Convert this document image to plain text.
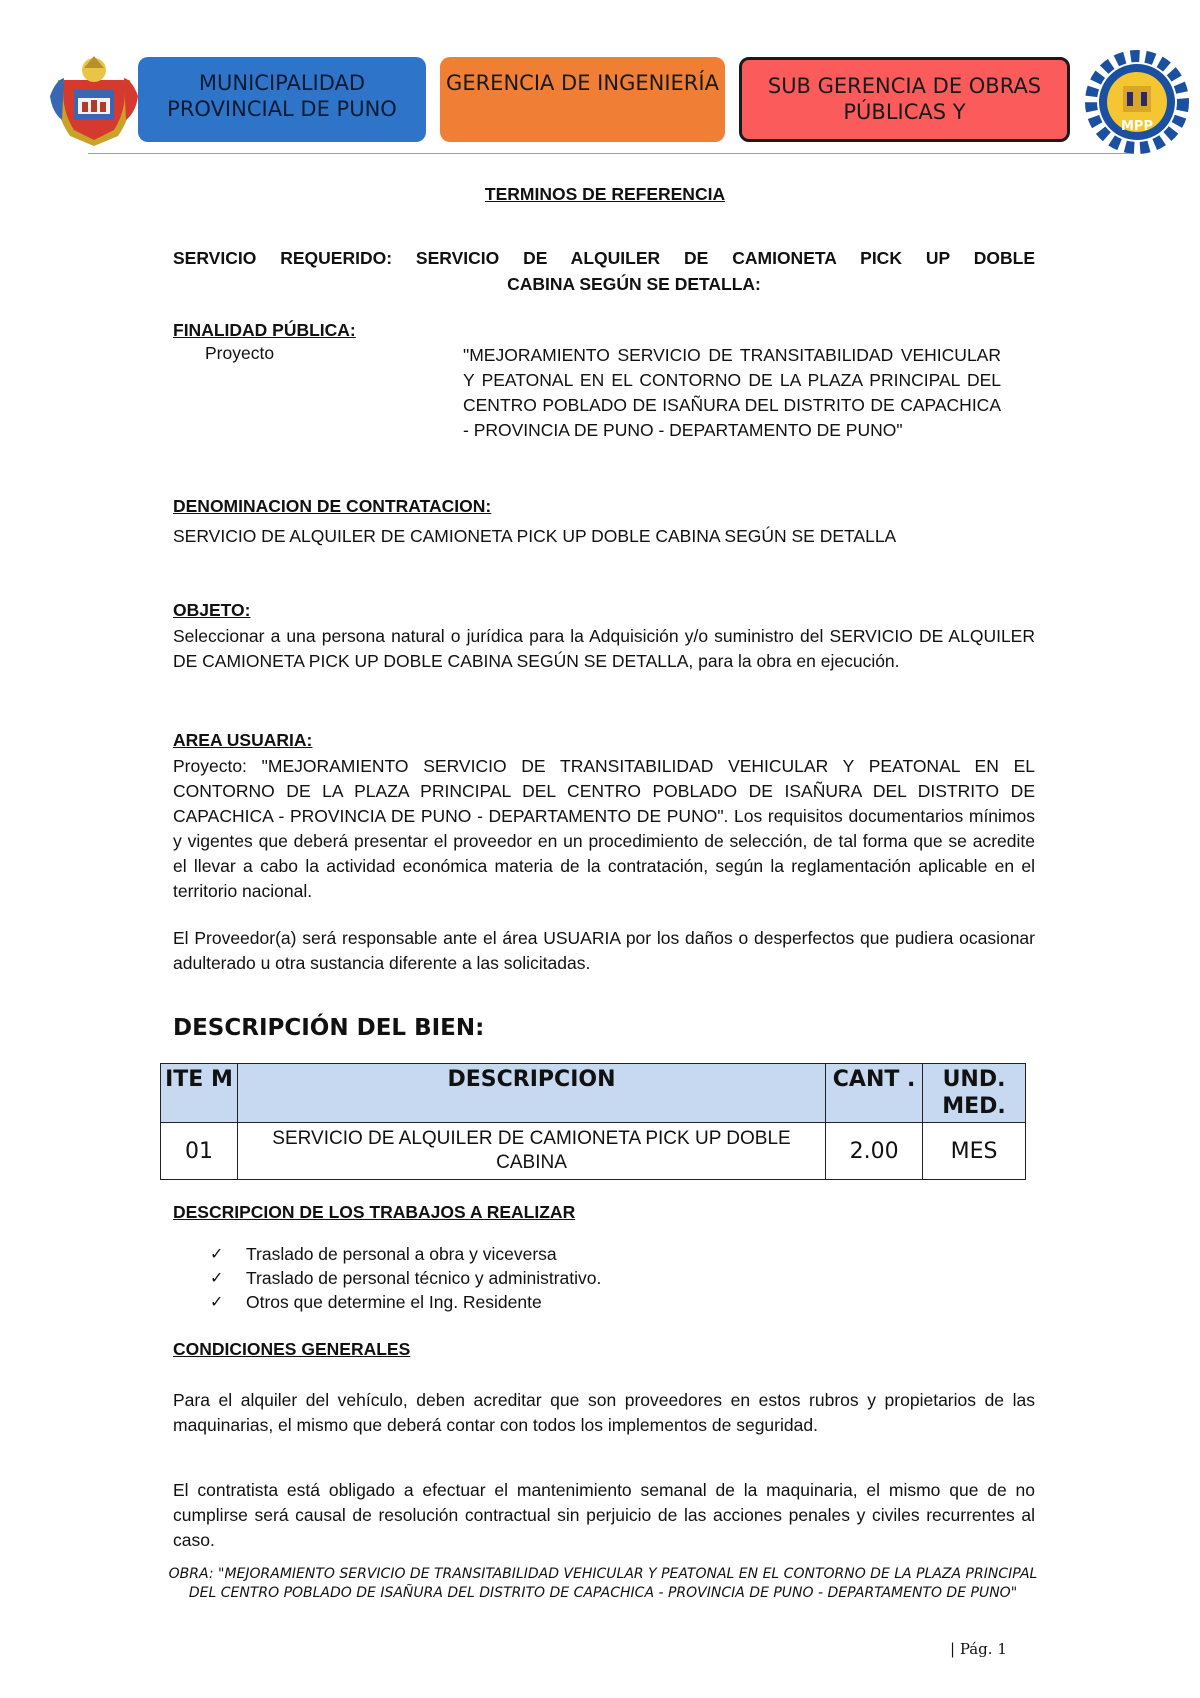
MUNICIPALIDAD PROVINCIAL DE PUNO
GERENCIA DE INGENIERÍA	SUB GERENCIA DE OBRAS PÚBLICAS Y
MPP
TERMINOS DE REFERENCIA
SERVICIO REQUERIDO: SERVICIO DE ALQUILER DE CAMIONETA PICK UP DOBLE
CABINA SEGÚN SE DETALLA:
FINALIDAD PÚBLICA:
Proyecto	"MEJORAMIENTO SERVICIO DE TRANSITABILIDAD VEHICULAR Y PEATONAL EN EL CONTORNO DE LA PLAZA PRINCIPAL DEL CENTRO POBLADO DE ISAÑURA DEL DISTRITO DE CAPACHICA - PROVINCIA DE PUNO - DEPARTAMENTO DE PUNO"
DENOMINACION DE CONTRATACION:
SERVICIO DE ALQUILER DE CAMIONETA PICK UP DOBLE CABINA SEGÚN SE DETALLA
OBJETO:
Seleccionar a una persona natural o jurídica para la Adquisición y/o suministro del SERVICIO DE ALQUILER DE CAMIONETA PICK UP DOBLE CABINA SEGÚN SE DETALLA, para la obra en ejecución.
AREA USUARIA:
Proyecto: "MEJORAMIENTO SERVICIO DE TRANSITABILIDAD VEHICULAR Y PEATONAL EN EL CONTORNO DE LA PLAZA PRINCIPAL DEL CENTRO POBLADO DE ISAÑURA DEL DISTRITO DE CAPACHICA - PROVINCIA DE PUNO - DEPARTAMENTO DE PUNO". Los requisitos documentarios mínimos y vigentes que deberá presentar el proveedor en un procedimiento de selección, de tal forma que se acredite el llevar a cabo la actividad económica materia de la contratación, según la reglamentación aplicable en el territorio nacional.
El Proveedor(a) será responsable ante el área USUARIA por los daños o desperfectos que pudiera ocasionar adulterado u otra sustancia diferente a las solicitadas.
DESCRIPCIÓN DEL BIEN:
ITE M	DESCRIPCION	CANT .	UND. MED.
01	SERVICIO DE ALQUILER DE CAMIONETA PICK UP DOBLE CABINA	2.00	MES
DESCRIPCION DE LOS TRABAJOS A REALIZAR
✓ Traslado de personal a obra y viceversa
✓ Traslado de personal técnico y administrativo.
✓ Otros que determine el Ing. Residente
CONDICIONES GENERALES
Para el alquiler del vehículo, deben acreditar que son proveedores en estos rubros y propietarios de las maquinarias, el mismo que deberá contar con todos los implementos de seguridad.
El contratista está obligado a efectuar el mantenimiento semanal de la maquinaria, el mismo que de no cumplirse será causal de resolución contractual sin perjuicio de las acciones penales y civiles recurrentes al caso.
OBRA: "MEJORAMIENTO SERVICIO DE TRANSITABILIDAD VEHICULAR Y PEATONAL EN EL CONTORNO DE LA PLAZA PRINCIPAL DEL CENTRO POBLADO DE ISAÑURA DEL DISTRITO DE CAPACHICA - PROVINCIA DE PUNO - DEPARTAMENTO DE PUNO"
| Pág. 1
